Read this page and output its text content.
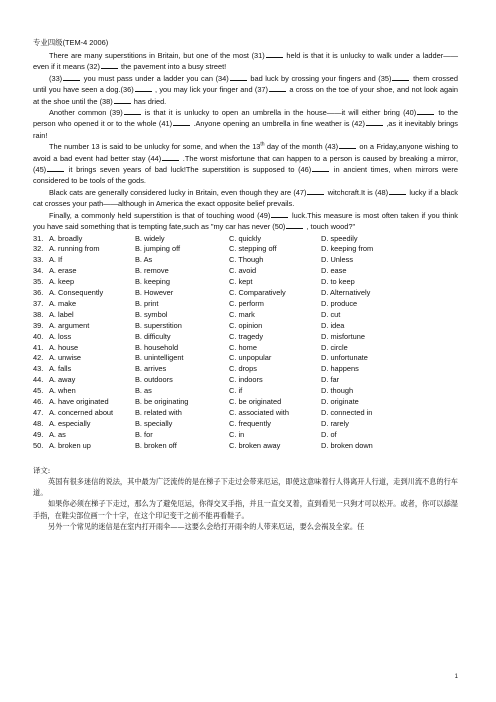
专业四级(TEM-4 2006)

There are many superstitions in Britain, but one of the most (31)	held is that it is unlucky to walk under a ladder——even if it means (32)	the pavement into a busy street!

(33)	you must pass under a ladder you can (34)	bad luck by crossing your fingers and (35)	them crossed until you have seen a dog.(36)	, you may lick your finger and (37)	a cross on the toe of your shoe, and not look again at the shoe until the (38)	has dried.

Another common (39)	is that it is unlucky to open an umbrella in the house——it will either bring (40)	to the person who opened it or to the whole (41)	.Anyone opening an umbrella in fine weather is (42)	,as it inevitably brings rain!

The number 13 is said to be unlucky for some, and when the 13th day of the month (43)	on a Friday,anyone wishing to avoid a bad event had better stay (44)	.The worst misfortune that can happen to a person is caused by breaking a mirror, (45)	it brings seven years of bad luck!The superstition is supposed to (46)	in ancient times, when mirrors were considered to be tools of the gods.

Black cats are generally considered lucky in Britain, even though they are (47)	witchcraft.It is (48)	lucky if a black cat crosses your path——although in America the exact opposite belief prevails.

Finally, a commonly held superstition is that of touching wood (49)	luck.This measure is most often taken if you think you have said something that is tempting fate,such as "my car has never (50)	, touch wood?"

31. A. broadly	B. widely	C. quickly	D. speedily
32. A. running from	B. jumping off	C. stepping off	D. keeping from
33. A. If	B. As	C. Though	D. Unless
34. A. erase	B. remove	C. avoid	D. ease
35. A. keep	B. keeping	C. kept	D. to keep
36. A. Consequently	B. However	C. Comparatively	D. Alternatively
37. A. make	B. print	C. perform	D. produce
38. A. label	B. symbol	C. mark	D. cut
39. A. argument	B. superstition	C. opinion	D. idea
40. A. loss	B. difficulty	C. tragedy	D. misfortune
41. A. house	B. household	C. home	D. circle
42. A. unwise	B. unintelligent	C. unpopular	D. unfortunate
43. A. falls	B. arrives	C. drops	D. happens
44. A. away	B. outdoors	C. indoors	D. far
45. A. when	B. as	C. if	D. though
46. A. have originated	B. be originating	C. be originated	D. originate
47. A. concerned about	B. related with	C. associated with	D. connected in
48. A. especially	B. specially	C. frequently	D. rarely
49. A. as	B. for	C. in	D. of
50. A. broken up	B. broken off	C. broken away	D. broken down
译文:

英国有很多迷信的说法，其中最为广泛流传的是在梯子下走过会带来厄运，即使这意味着行人得离开人行道，走到川流不息的行车道。

如果你必须在梯子下走过，那么为了避免厄运，你得交叉手指，并且一直交叉着，直到看见一只狗才可以松开。或者，你可以舔湿手指，在鞋尖部位画一个十字，在这个印记变干之前不能再看鞋子。

另外一个常见的迷信是在室内打开雨伞——这要么会给打开雨伞的人带来厄运，要么会祸及全家。任

1
